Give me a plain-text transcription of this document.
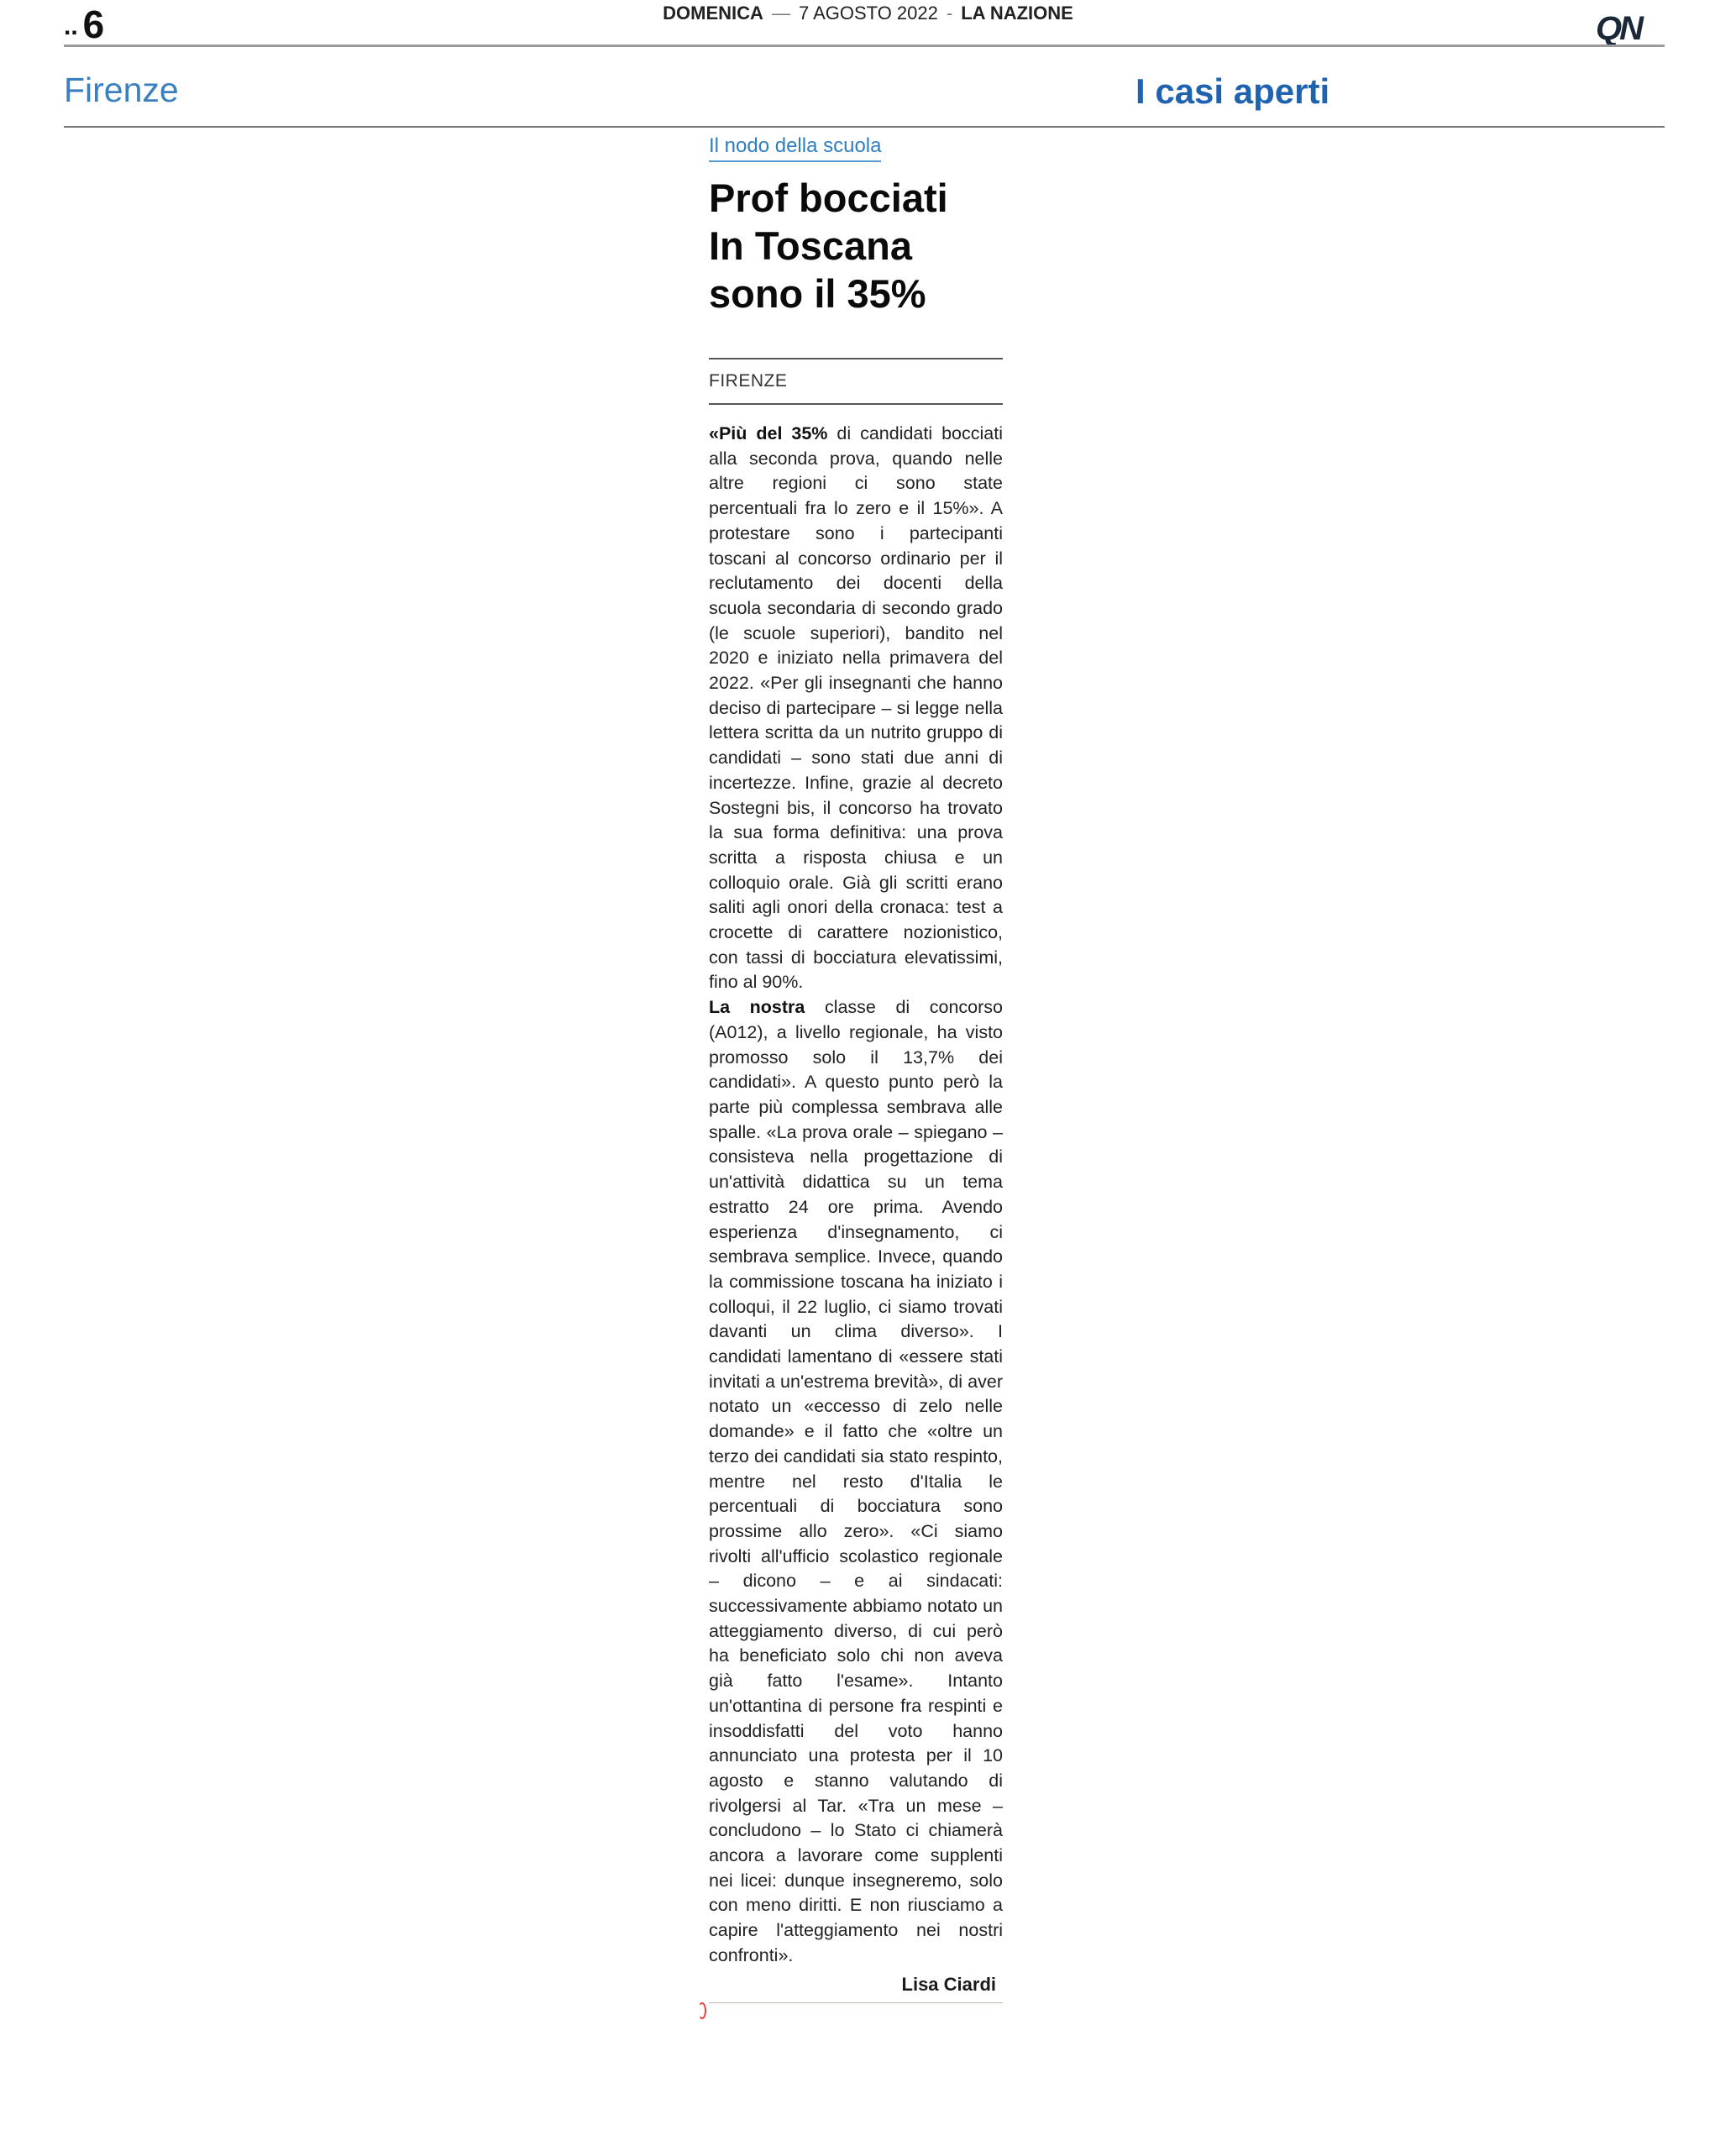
.. 6	DOMENICA — 7 AGOSTO 2022 - LA NAZIONE	QN
Firenze	I casi aperti
Il nodo della scuola
Prof bocciati
In Toscana
sono il 35%
FIRENZE

«Più del 35% di candidati bocciati alla seconda prova, quando nelle altre regioni ci sono state percentuali fra lo zero e il 15%». A protestare sono i partecipanti toscani al concorso ordinario per il reclutamento dei docenti della scuola secondaria di secondo grado (le scuole superiori), bandito nel 2020 e iniziato nella primavera del 2022. «Per gli insegnanti che hanno deciso di partecipare – si legge nella lettera scritta da un nutrito gruppo di candidati – sono stati due anni di incertezze. Infine, grazie al decreto Sostegni bis, il concorso ha trovato la sua forma definitiva: una prova scritta a risposta chiusa e un colloquio orale. Già gli scritti erano saliti agli onori della cronaca: test a crocette di carattere nozionistico, con tassi di bocciatura elevatissimi, fino al 90%.

La nostra classe di concorso (A012), a livello regionale, ha visto promosso solo il 13,7% dei candidati». A questo punto però la parte più complessa sembrava alle spalle. «La prova orale – spiegano – consisteva nella progettazione di un'attività didattica su un tema estratto 24 ore prima. Avendo esperienza d'insegnamento, ci sembrava semplice. Invece, quando la commissione toscana ha iniziato i colloqui, il 22 luglio, ci siamo trovati davanti un clima diverso». I candidati lamentano di «essere stati invitati a un'estrema brevità», di aver notato un «eccesso di zelo nelle domande» e il fatto che «oltre un terzo dei candidati sia stato respinto, mentre nel resto d'Italia le percentuali di bocciatura sono prossime allo zero». «Ci siamo rivolti all'ufficio scolastico regionale – dicono – e ai sindacati: successivamente abbiamo notato un atteggiamento diverso, di cui però ha beneficiato solo chi non aveva già fatto l'esame». Intanto un'ottantina di persone fra respinti e insoddisfatti del voto hanno annunciato una protesta per il 10 agosto e stanno valutando di rivolgersi al Tar. «Tra un mese – concludono – lo Stato ci chiamerà ancora a lavorare come supplenti nei licei: dunque insegneremo, solo con meno diritti. E non riusciamo a capire l'atteggiamento nei nostri confronti».

Lisa Ciardi
